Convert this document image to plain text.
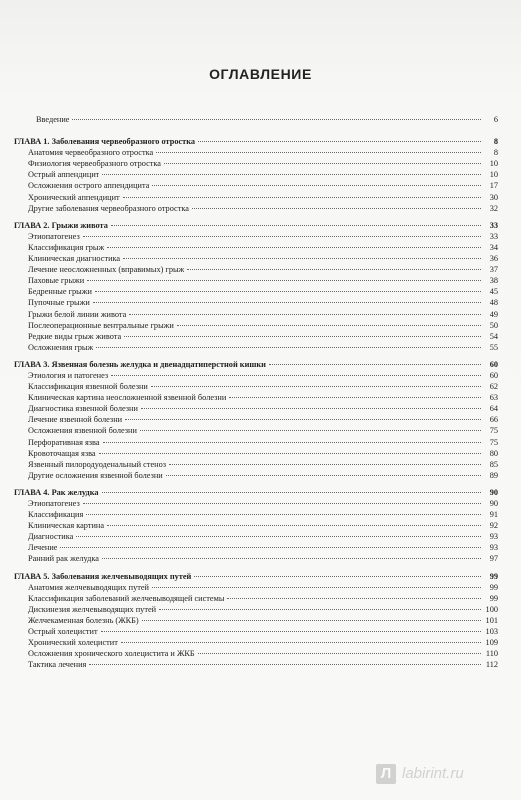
ОГЛАВЛЕНИЕ
Введение	6
ГЛАВА 1. Заболевания червеобразного отростка	8
Анатомия червеобразного отростка	8
Физиология червеобразного отростка	10
Острый аппендицит	10
Осложнения острого аппендицита	17
Хронический аппендицит	30
Другие заболевания червеобразного отростка	32
ГЛАВА 2. Грыжи живота	33
Этиопатогенез	33
Классификация грыж	34
Клиническая диагностика	36
Лечение неосложненных (вправимых) грыж	37
Паховые грыжи	38
Бедренные грыжи	45
Пупочные грыжи	48
Грыжи белой линии живота	49
Послеоперационные вентральные грыжи	50
Редкие виды грыж живота	54
Осложнения грыж	55
ГЛАВА 3. Язвенная болезнь желудка и двенадцатиперстной кишки	60
Этиология и патогенез	60
Классификация язвенной болезни	62
Клиническая картина неосложненной язвенной болезни	63
Диагностика язвенной болезни	64
Лечение язвенной болезни	66
Осложнения язвенной болезни	75
Перфоративная язва	75
Кровоточащая язва	80
Язвенный пилородуоденальный стеноз	85
Другие осложнения язвенной болезни	89
ГЛАВА 4. Рак желудка	90
Этиопатогенез	90
Классификация	91
Клиническая картина	92
Диагностика	93
Лечение	93
Ранний рак желудка	97
ГЛАВА 5. Заболевания желчевыводящих путей	99
Анатомия желчевыводящих путей	99
Классификация заболеваний желчевыводящей системы	99
Дискинезия желчевыводящих путей	100
Желчекаменная болезнь (ЖКБ)	101
Острый холецистит	103
Хронический холецистит	109
Осложнения хронического холецистита и ЖКБ	110
Тактика лечения	112
Л labirint.ru
